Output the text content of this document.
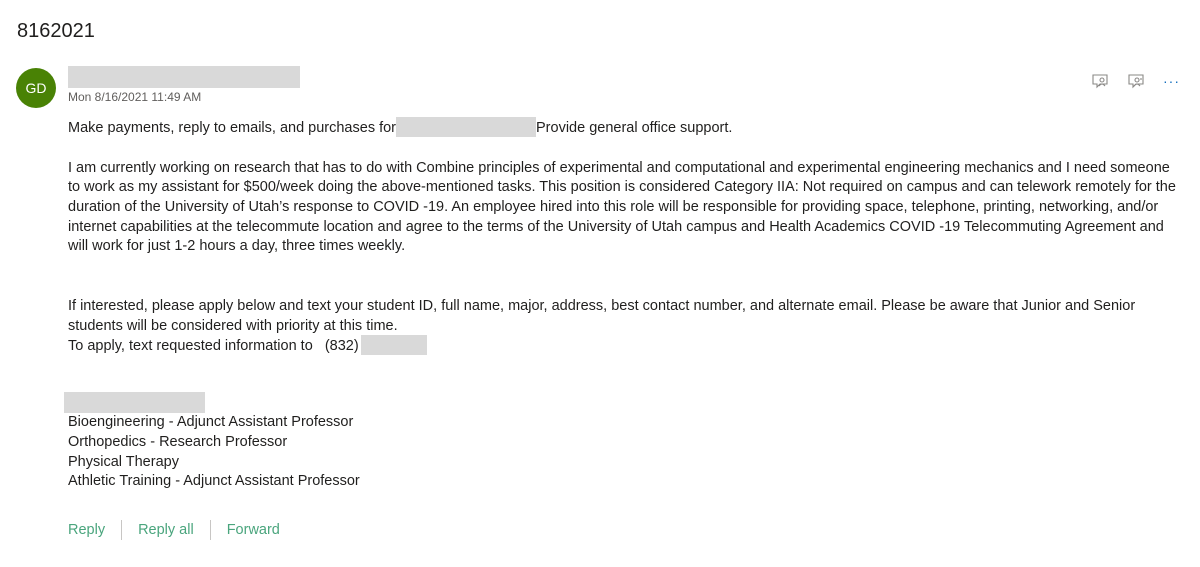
8162021
GD
Mon 8/16/2021 11:49 AM
···

Make payments, reply to emails, and purchases for	Provide general office support.

I am currently working on research that has to do with Combine principles of experimental and computational and experimental engineering mechanics and I need someone to work as my assistant for $500/week doing the above-mentioned tasks. This position is considered Category IIA: Not required on campus and can telework remotely for the duration of the University of Utah’s response to COVID -19. An employee hired into this role will be responsible for providing space, telephone, printing, networking, and/or internet capabilities at the telecommute location and agree to the terms of the University of Utah campus and Health Academics COVID -19 Telecommuting Agreement and will work for just 1-2 hours a day, three times weekly.

If interested, please apply below and text your student ID, full name, major, address, best contact number, and alternate email. Please be aware that Junior and Senior students will be considered with priority at this time.

To apply, text requested information to   (832)

Bioengineering - Adjunct Assistant Professor
Orthopedics - Research Professor
Physical Therapy
Athletic Training - Adjunct Assistant Professor
Reply Reply all Forward
